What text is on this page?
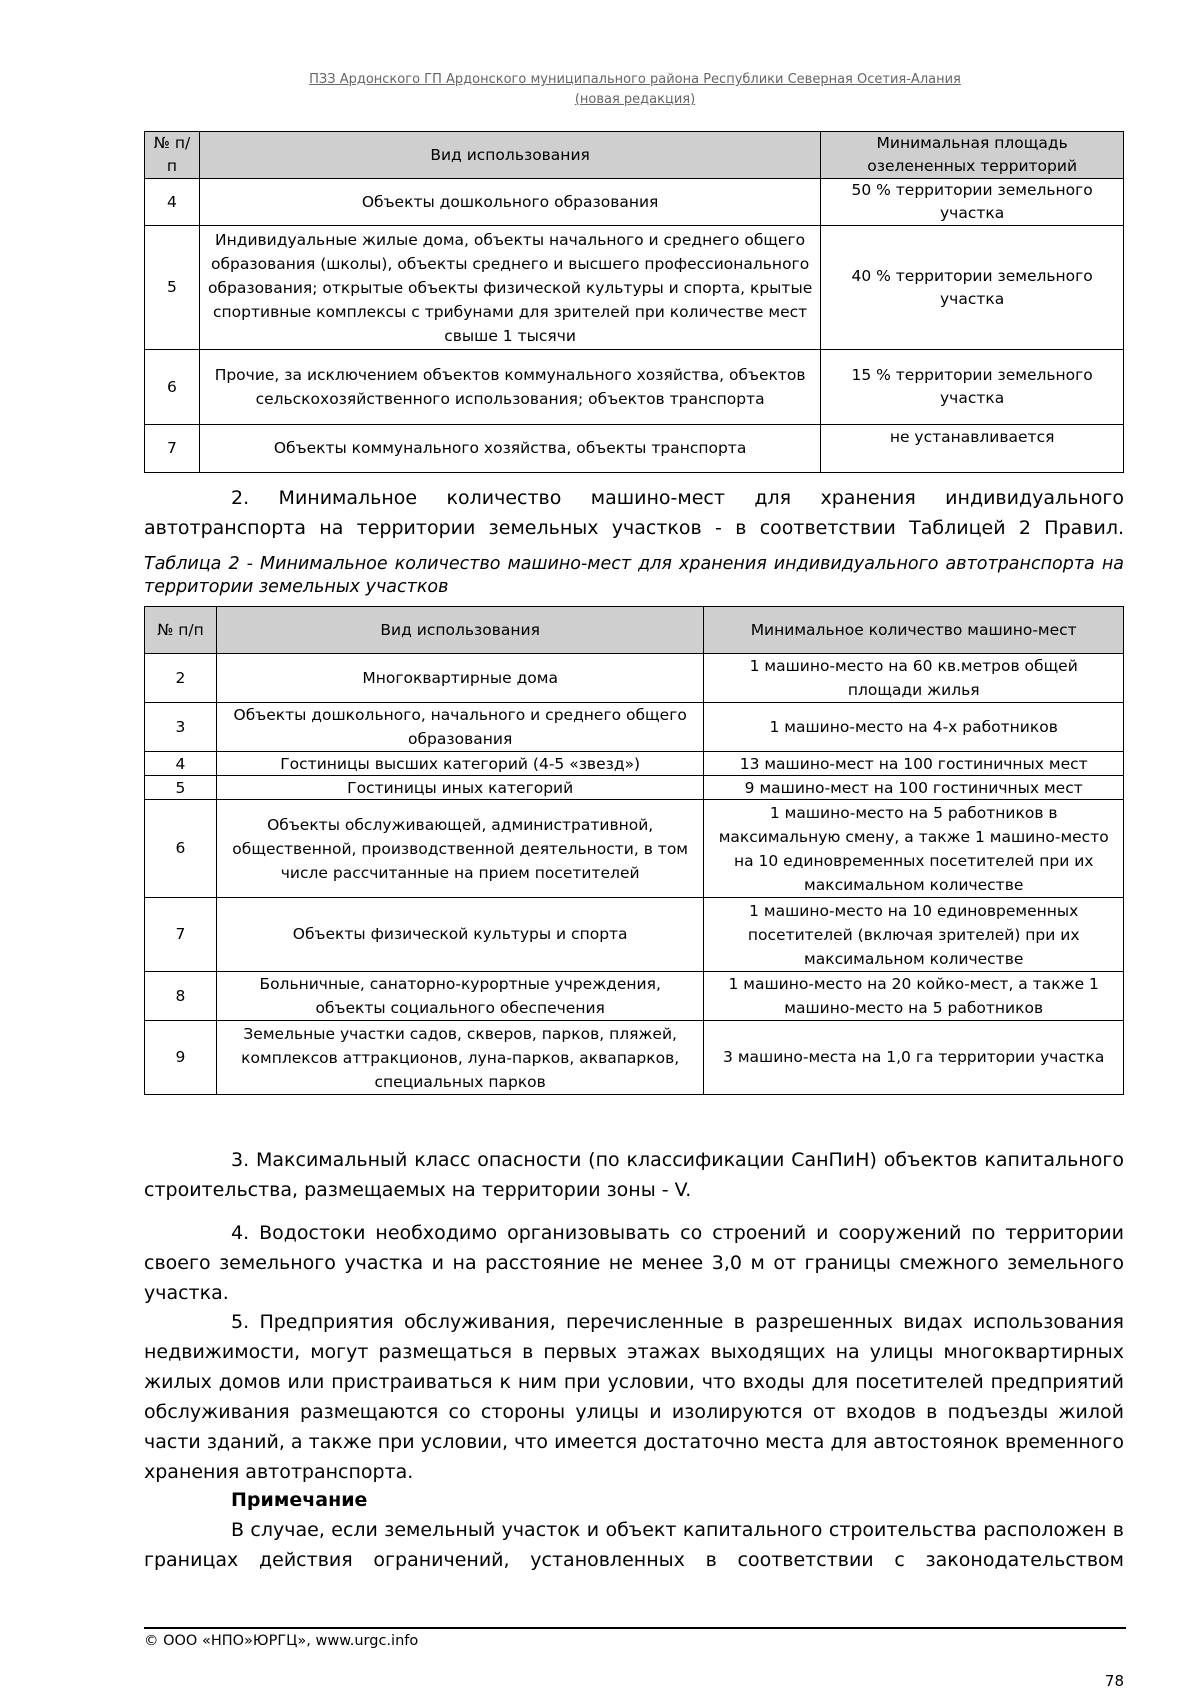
ПЗЗ Ардонского ГП Ардонского муниципального района Республики Северная Осетия-Алания
(новая редакция)
№ п/п	Вид использования	Минимальная площадь озелененных территорий
4	Объекты дошкольного образования	50 % территории земельного участка
5	Индивидуальные жилые дома, объекты начального и среднего общего образования (школы), объекты среднего и высшего профессионального образования; открытые объекты физической культуры и спорта, крытые спортивные комплексы с трибунами для зрителей при количестве мест свыше 1 тысячи	40 % территории земельного участка
6	Прочие, за исключением объектов коммунального хозяйства, объектов сельскохозяйственного использования; объектов транспорта	15 % территории земельного участка
7	Объекты коммунального хозяйства, объекты транспорта	не устанавливается

2. Минимальное количество машино-мест для хранения индивидуального автотранспорта на территории земельных участков - в соответствии Таблицей 2 Правил.

Таблица 2 - Минимальное количество машино-мест для хранения индивидуального автотранспорта на территории земельных участков

№ п/п	Вид использования	Минимальное количество машино-мест
2	Многоквартирные дома	1 машино-место на 60 кв.метров общей площади жилья
3	Объекты дошкольного, начального и среднего общего образования	1 машино-место на 4-х работников
4	Гостиницы высших категорий (4-5 «звезд»)	13 машино-мест на 100 гостиничных мест
5	Гостиницы иных категорий	9 машино-мест на 100 гостиничных мест
6	Объекты обслуживающей, административной, общественной, производственной деятельности, в том числе рассчитанные на прием посетителей	1 машино-место на 5 работников в максимальную смену, а также 1 машино-место на 10 единовременных посетителей при их максимальном количестве
7	Объекты физической культуры и спорта	1 машино-место на 10 единовременных посетителей (включая зрителей) при их максимальном количестве
8	Больничные, санаторно-курортные учреждения, объекты социального обеспечения	1 машино-место на 20 койко-мест, а также 1 машино-место на 5 работников
9	Земельные участки садов, скверов, парков, пляжей, комплексов аттракционов, луна-парков, аквапарков, специальных парков	3 машино-места на 1,0 га территории участка

3. Максимальный класс опасности (по классификации СанПиН) объектов капитального строительства, размещаемых на территории зоны - V.

4. Водостоки необходимо организовывать со строений и сооружений по территории своего земельного участка и на расстояние не менее 3,0 м от границы смежного земельного участка.

5. Предприятия обслуживания, перечисленные в разрешенных видах использования недвижимости, могут размещаться в первых этажах выходящих на улицы многоквартирных жилых домов или пристраиваться к ним при условии, что входы для посетителей предприятий обслуживания размещаются со стороны улицы и изолируются от входов в подъезды жилой части зданий, а также при условии, что имеется достаточно места для автостоянок временного хранения автотранспорта.

Примечание

В случае, если земельный участок и объект капитального строительства расположен в границах действия ограничений, установленных в соответствии с законодательством

© ООО «НПО»ЮРГЦ», www.urgc.info
78
